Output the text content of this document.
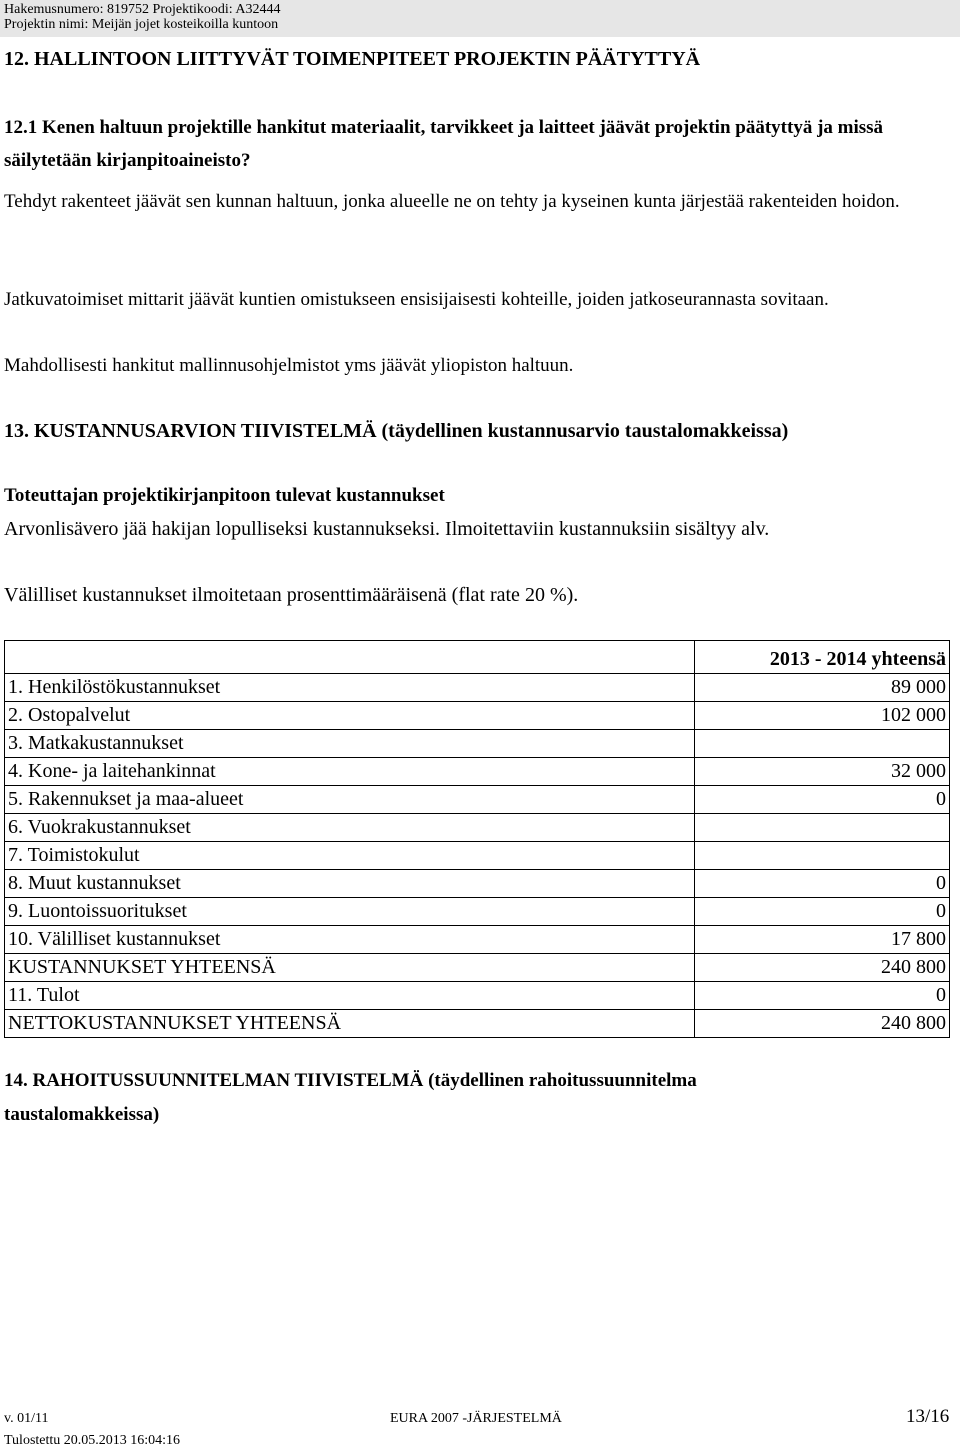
Hakemusnumero: 819752 Projektikoodi: A32444
Projektin nimi: Meijän jojet kosteikoilla kuntoon
12. HALLINTOON LIITTYVÄT TOIMENPITEET PROJEKTIN PÄÄTYTTYÄ
12.1 Kenen haltuun projektille hankitut materiaalit, tarvikkeet ja laitteet jäävät projektin päätyttyä ja missä säilytetään kirjanpitoaineisto?
Tehdyt rakenteet jäävät sen kunnan haltuun, jonka alueelle ne on tehty ja kyseinen kunta järjestää rakenteiden hoidon.
Jatkuvatoimiset mittarit jäävät kuntien omistukseen ensisijaisesti kohteille, joiden jatkoseurannasta sovitaan.
Mahdollisesti hankitut mallinnusohjelmistot yms jäävät yliopiston haltuun.
13. KUSTANNUSARVION TIIVISTELMÄ (täydellinen kustannusarvio taustalomakkeissa)
Toteuttajan projektikirjanpitoon tulevat kustannukset
Arvonlisävero jää hakijan lopulliseksi kustannukseksi. Ilmoitettaviin kustannuksiin sisältyy alv.
Välilliset kustannukset ilmoitetaan prosenttimääräisenä (flat rate 20 %).
	2013 - 2014 yhteensä
1. Henkilöstökustannukset	89 000
2. Ostopalvelut	102 000
3. Matkakustannukset	
4. Kone- ja laitehankinnat	32 000
5. Rakennukset ja maa-alueet	0
6. Vuokrakustannukset	
7. Toimistokulut	
8. Muut kustannukset	0
9. Luontoissuoritukset	0
10. Välilliset kustannukset	17 800
KUSTANNUKSET YHTEENSÄ	240 800
11. Tulot	0
NETTOKUSTANNUKSET YHTEENSÄ	240 800
14. RAHOITUSSUUNNITELMAN TIIVISTELMÄ (täydellinen rahoitussuunnitelma
taustalomakkeissa)
v. 01/11	EURA 2007 -JÄRJESTELMÄ	13/16
Tulostettu 20.05.2013 16:04:16
